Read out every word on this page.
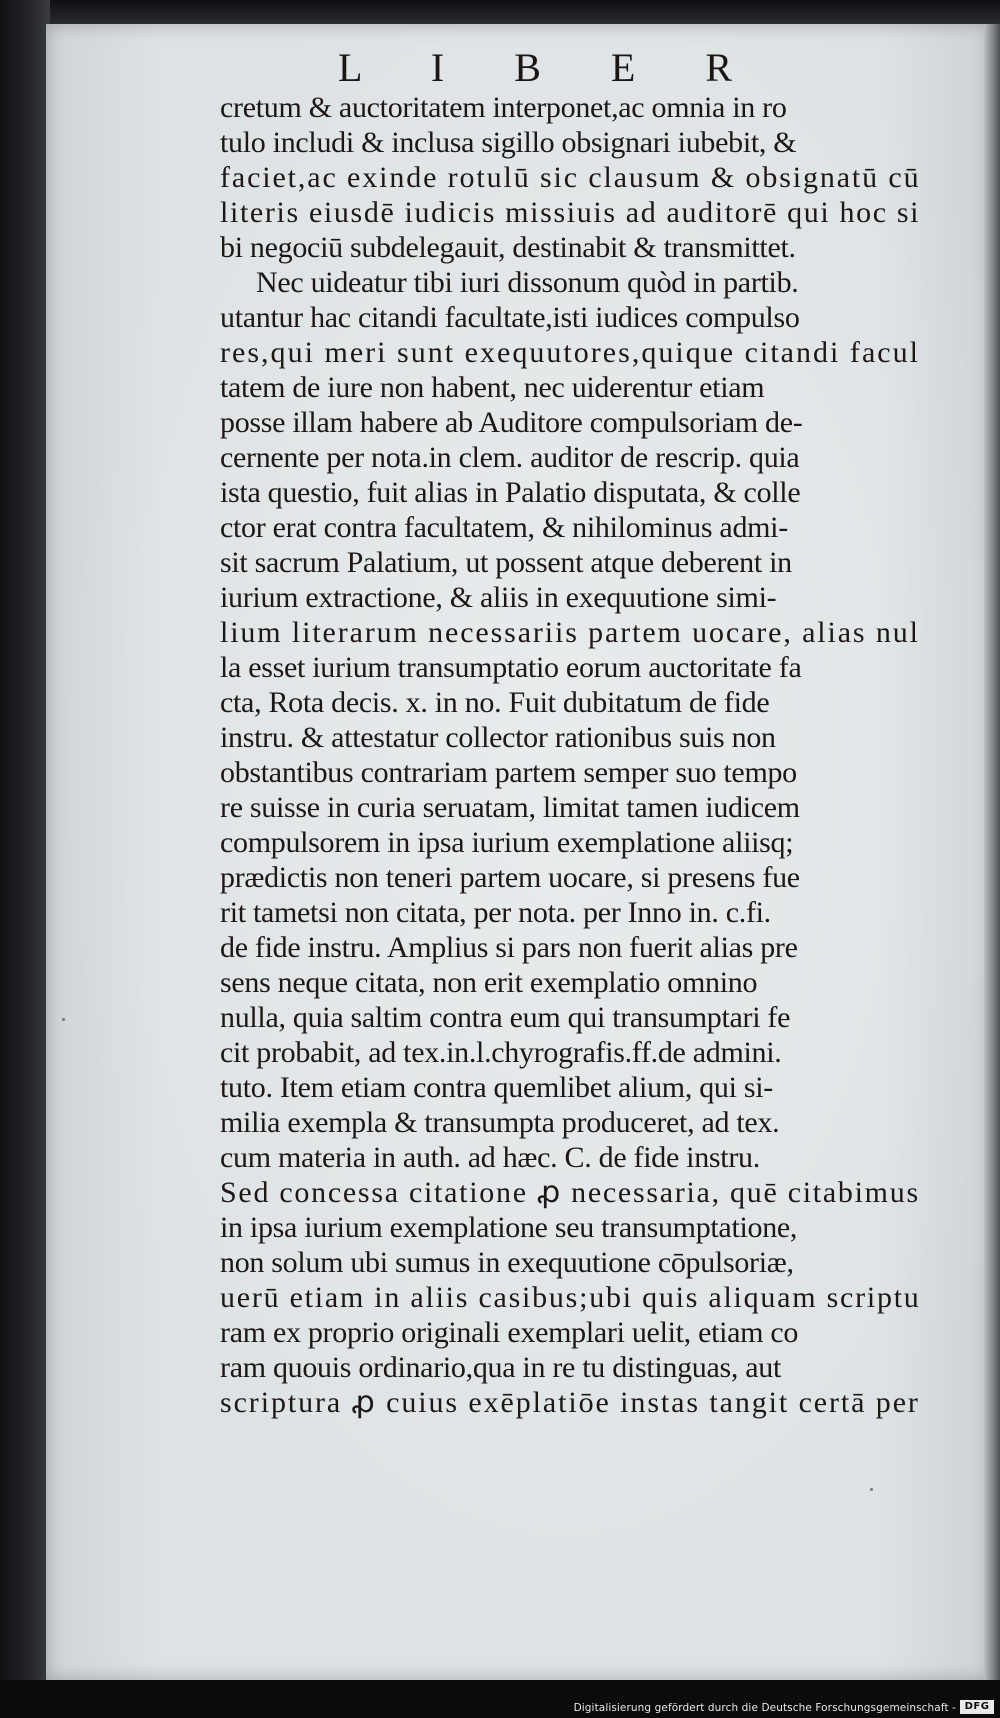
L I B E R
cretum & auctoritatem interponet,ac omnia in ro
tulo includi & inclusa sigillo obsignari iubebit, &
faciet,ac exinde rotulū sic clausum & obsignatū cū
literis eiusdē iudicis missiuis ad auditorē qui hoc si
bi negociū subdelegauit, destinabit & transmittet.
Nec uideatur tibi iuri dissonum quòd in partib.
utantur hac citandi facultate,isti iudices compulso
res,qui meri sunt exequutores,quique citandi facul
tatem de iure non habent, nec uiderentur etiam
posse illam habere ab Auditore compulsoriam de-
cernente per nota.in clem. auditor de rescrip. quia
ista questio, fuit alias in Palatio disputata, & colle
ctor erat contra facultatem, & nihilominus admi-
sit sacrum Palatium, ut possent atque deberent in
iurium extractione, & aliis in exequutione simi-
lium literarum necessariis partem uocare, alias nul
la esset iurium transumptatio eorum auctoritate fa
cta, Rota decis. x. in no. Fuit dubitatum de fide
instru. & attestatur collector rationibus suis non
obstantibus contrariam partem semper suo tempo
re suisse in curia seruatam, limitat tamen iudicem
compulsorem in ipsa iurium exemplatione aliisq;
prædictis non teneri partem uocare, si presens fue
rit tametsi non citata, per nota. per Inno in. c.fi.
de fide instru. Amplius si pars non fuerit alias pre
sens neque citata, non erit exemplatio omnino
nulla, quia saltim contra eum qui transumptari fe
cit probabit, ad tex.in.l.chyrografis.ff.de admini.
tuto. Item etiam contra quemlibet alium, qui si-
milia exempla & transumpta produceret, ad tex.
cum materia in auth. ad hæc. C. de fide instru.
Sed concessa citatione ꝓ necessaria, quē citabimus
in ipsa iurium exemplatione seu transumptatione,
non solum ubi sumus in exequutione cōpulsoriæ,
uerū etiam in aliis casibus;ubi quis aliquam scriptu
ram ex proprio originali exemplari uelit, etiam co
ram quouis ordinario,qua in re tu distinguas, aut
scriptura ꝓ cuius exēplatiōe instas tangit certā per
Digitalisierung gefördert durch die Deutsche Forschungsgemeinschaft - DFG
